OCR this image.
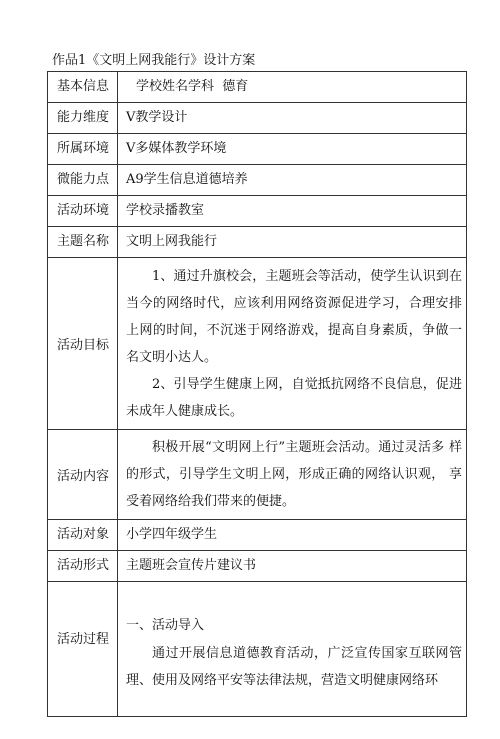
作品1《文明上网我能行》设计方案
基本信息	学校姓名学科  德育
能力维度	V教学设计
所属环境	V多媒体教学环境
微能力点	A9学生信息道德培养
活动环境	学校录播教室
主题名称	文明上网我能行
活动目标	1、通过升旗校会，主题班会等活动，使学生认识到在 当今的网络时代，应该利用网络资源促进学习，合理安排 上网的时间，不沉迷于网络游戏，提高自身素质，争做一 名文明小达人。

2、引导学生健康上网，自觉抵抗网络不良信息，促进 未成年人健康成长。

活动内容	积极开展“文明网上行”主题班会活动。通过灵活多 样的形式，引导学生文明上网，形成正确的网络认识观， 享受着网络给我们带来的便捷。

活动对象	小学四年级学生
活动形式	主题班会宣传片建议书
活动过程	一、活动导入

通过开展信息道德教育活动，广泛宣传国家互联网管理、使用及网络平安等法律法规，营造文明健康网络环
